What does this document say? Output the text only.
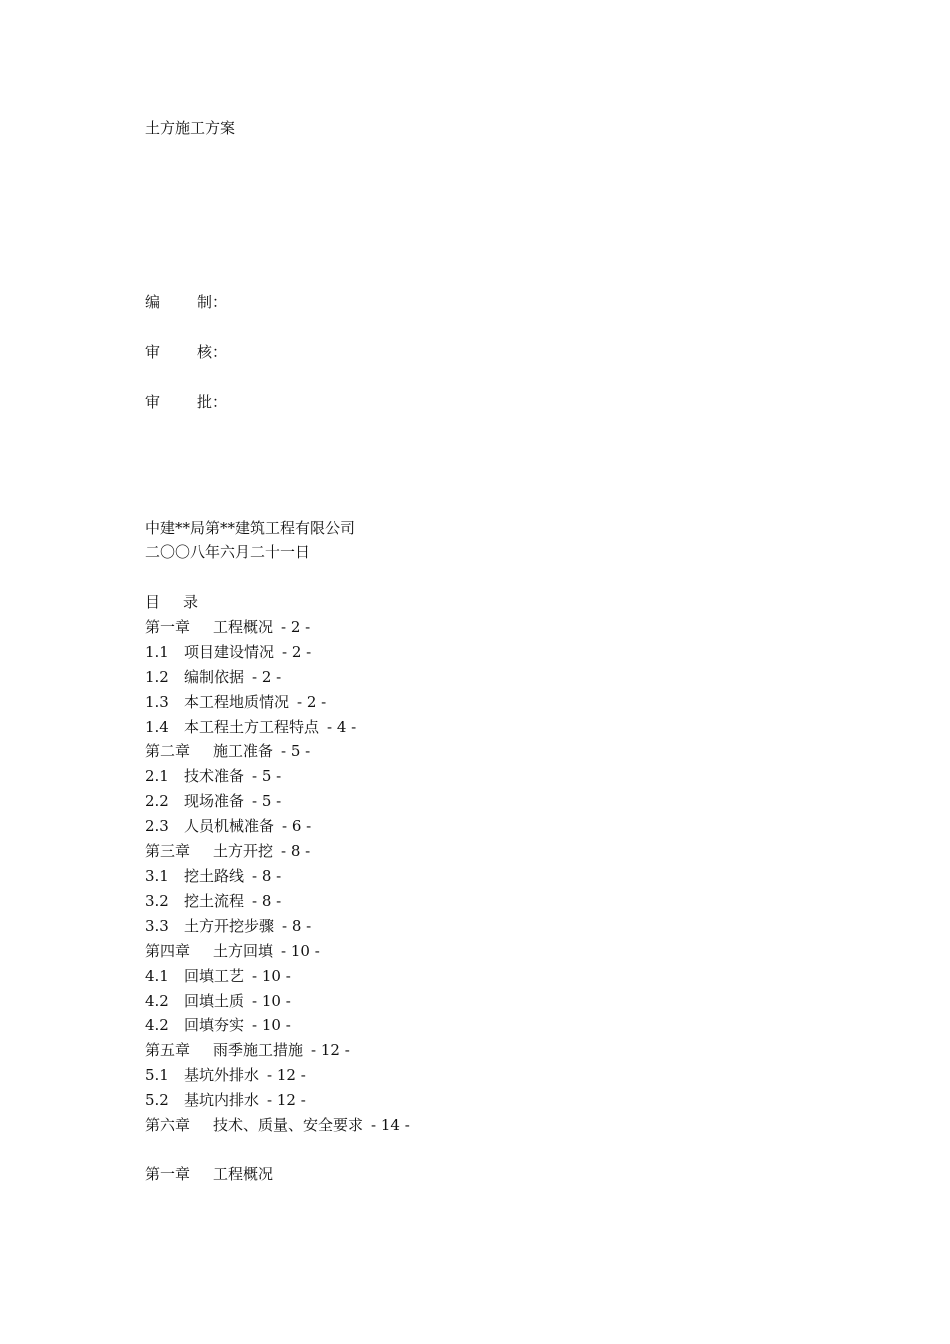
土方施工方案
编 制：
审 核：
审 批：
中建**局第**建筑工程有限公司
二〇〇八年六月二十一日
目 录
第一章 工程概况 - 2 -
1.1 项目建设情况 - 2 -
1.2 编制依据 - 2 -
1.3 本工程地质情况 - 2 -
1.4 本工程土方工程特点 - 4 -
第二章 施工准备 - 5 -
2.1 技术准备 - 5 -
2.2 现场准备 - 5 -
2.3 人员机械准备 - 6 -
第三章 土方开挖 - 8 -
3.1 挖土路线 - 8 -
3.2 挖土流程 - 8 -
3.3 土方开挖步骤 - 8 -
第四章 土方回填 - 10 -
4.1 回填工艺 - 10 -
4.2 回填土质 - 10 -
4.2 回填夯实 - 10 -
第五章 雨季施工措施 - 12 -
5.1 基坑外排水 - 12 -
5.2 基坑内排水 - 12 -
第六章 技术、质量、安全要求 - 14 -
第一章 工程概况
